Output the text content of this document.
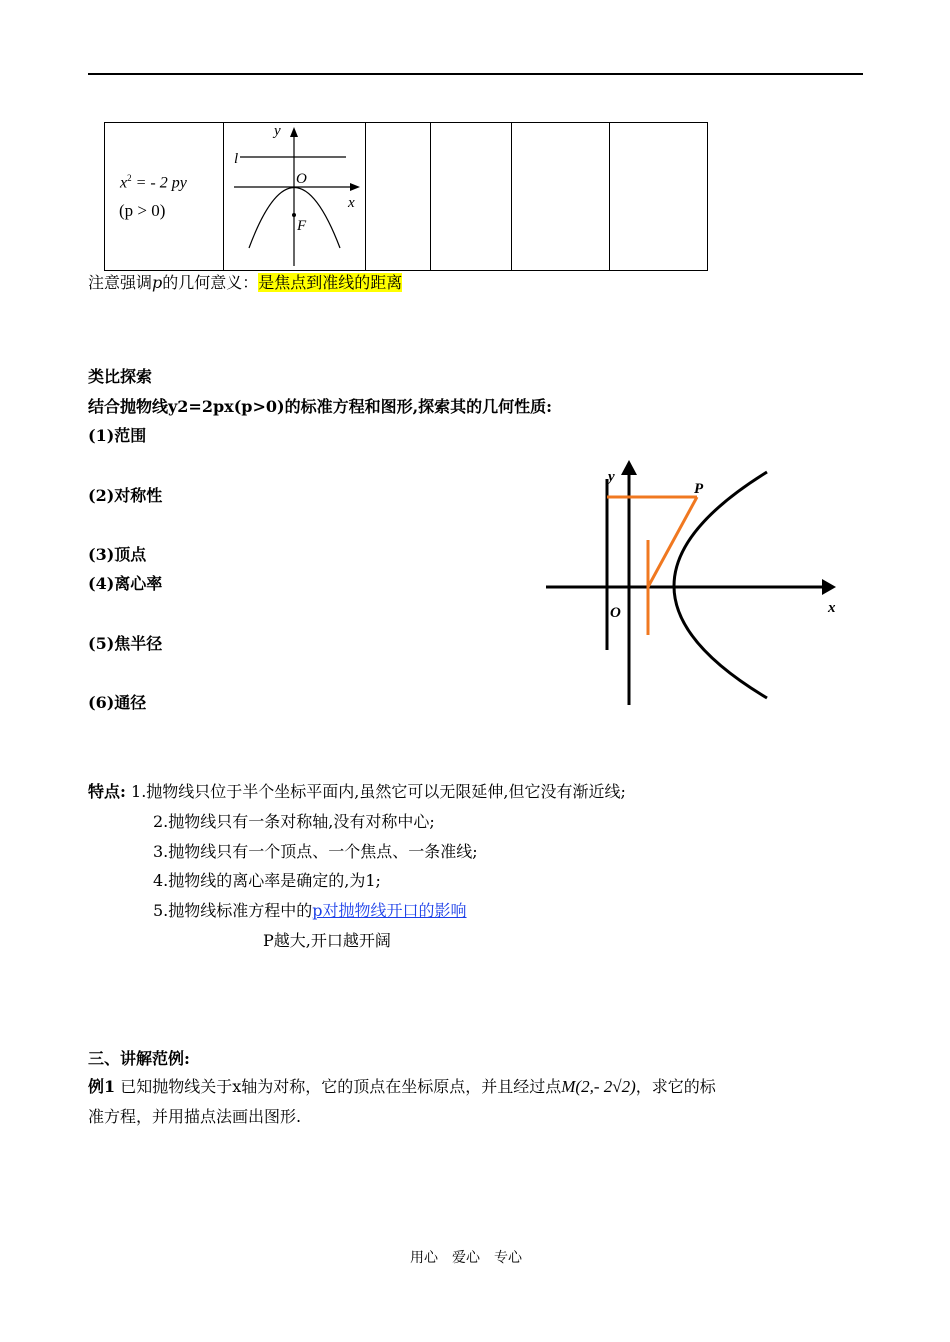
$x^2$ = - 2 py
(p > 0)

y
l
O
x
F

注意强调p的几何意义：是焦点到准线的距离
类比探索
结合抛物线y2=2px(p>0)的标准方程和图形,探索其的几何性质:
(1)范围
(2)对称性
(3)顶点
(4)离心率
(5)焦半径
(6)通径
y
P
O	x
特点: 1.抛物线只位于半个坐标平面内,虽然它可以无限延伸,但它没有渐近线;
2.抛物线只有一条对称轴,没有对称中心;
3.抛物线只有一个顶点、一个焦点、一条准线;
4.抛物线的离心率是确定的,为1;
5.抛物线标准方程中的p对抛物线开口的影响
P越大,开口越开阔
三、讲解范例:
例1 已知抛物线关于x轴为对称，它的顶点在坐标原点，并且经过点M(2,- 2√2)，求它的标
准方程，并用描点法画出图形.
用心　爱心　专心
